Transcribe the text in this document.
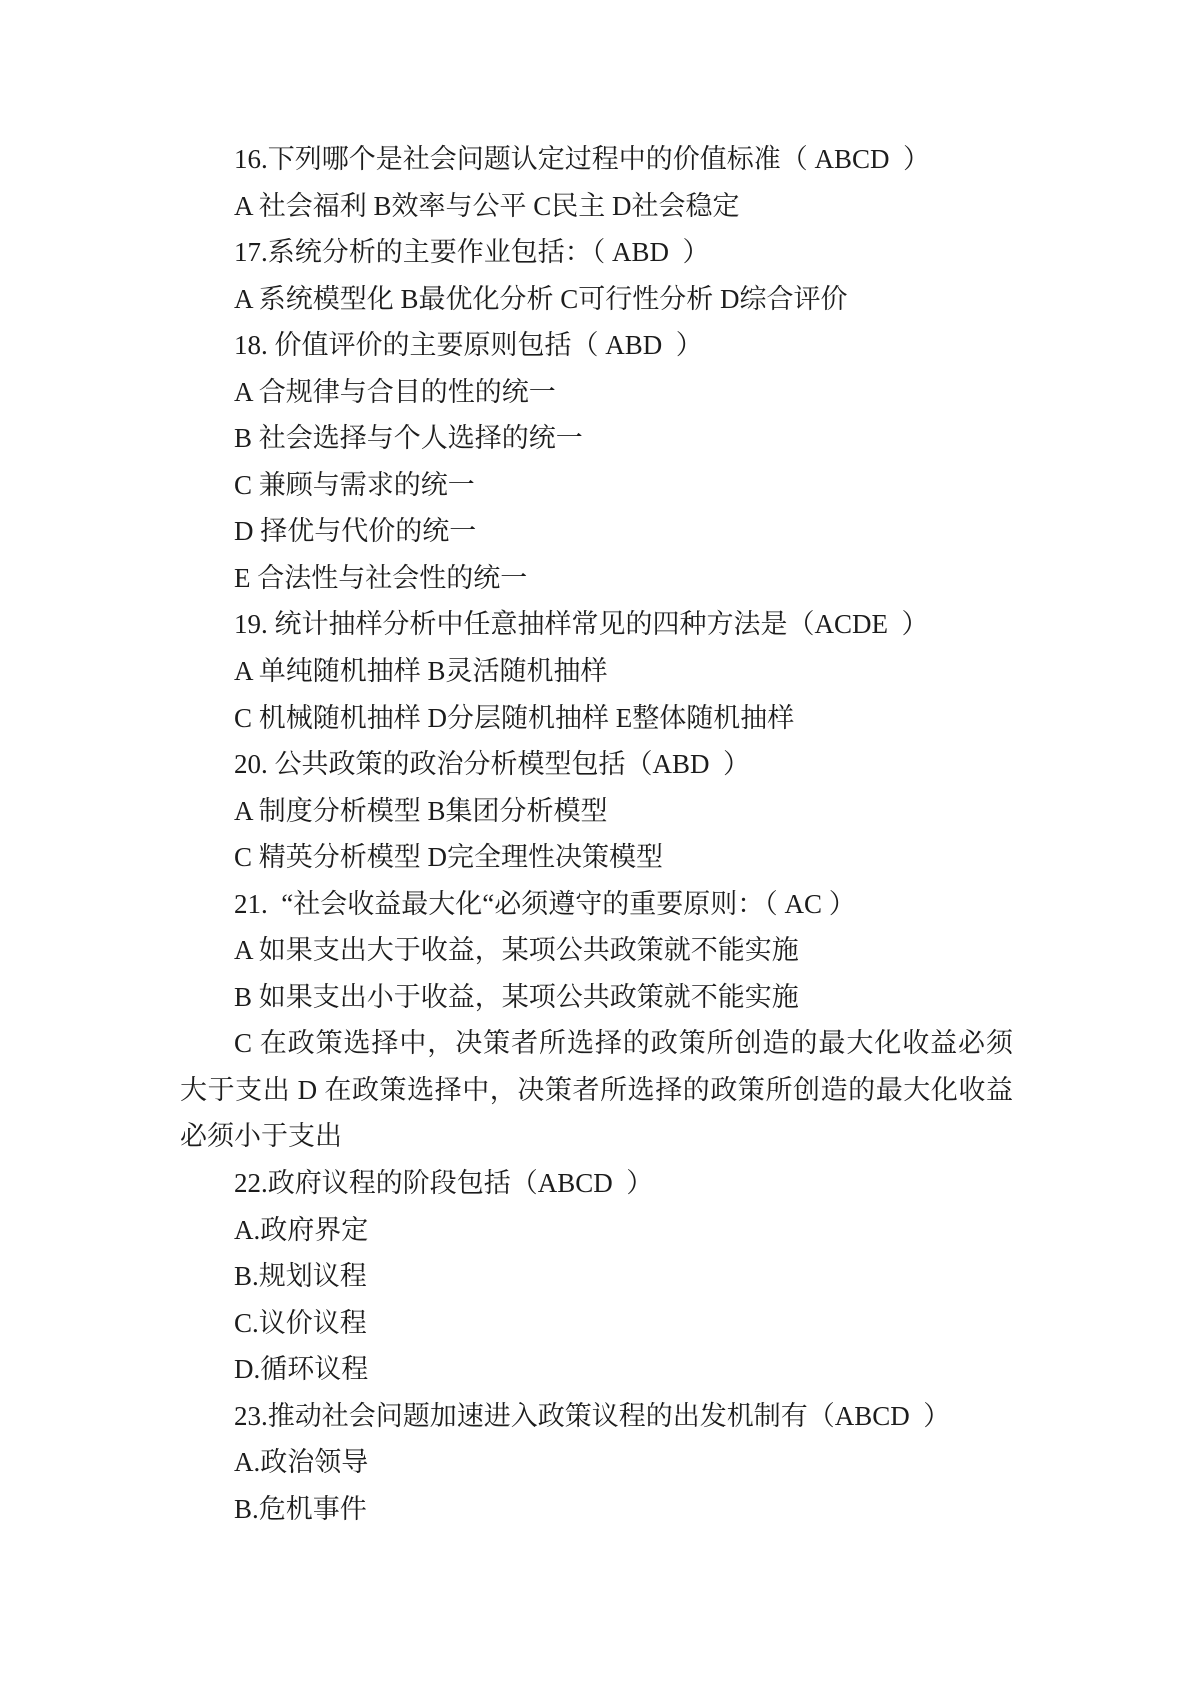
16.下列哪个是社会问题认定过程中的价值标准（ ABCD  ）
A 社会福利 B效率与公平 C民主 D社会稳定
17.系统分析的主要作业包括：（ ABD  ）
A 系统模型化 B最优化分析 C可行性分析 D综合评价
18. 价值评价的主要原则包括（ ABD  ）
A 合规律与合目的性的统一
B 社会选择与个人选择的统一
C 兼顾与需求的统一
D 择优与代价的统一
E 合法性与社会性的统一
19. 统计抽样分析中任意抽样常见的四种方法是（ACDE  ）
A 单纯随机抽样 B灵活随机抽样
C 机械随机抽样 D分层随机抽样 E整体随机抽样
20. 公共政策的政治分析模型包括（ABD  ）
A 制度分析模型 B集团分析模型
C 精英分析模型 D完全理性决策模型
21.  “社会收益最大化“必须遵守的重要原则：（ AC ）
A 如果支出大于收益，某项公共政策就不能实施
B 如果支出小于收益，某项公共政策就不能实施
C 在政策选择中，决策者所选择的政策所创造的最大化收益必须
大于支出 D 在政策选择中，决策者所选择的政策所创造的最大化收益
必须小于支出
22.政府议程的阶段包括（ABCD  ）
A.政府界定
B.规划议程
C.议价议程
D.循环议程
23.推动社会问题加速进入政策议程的出发机制有（ABCD  ）
A.政治领导
B.危机事件
